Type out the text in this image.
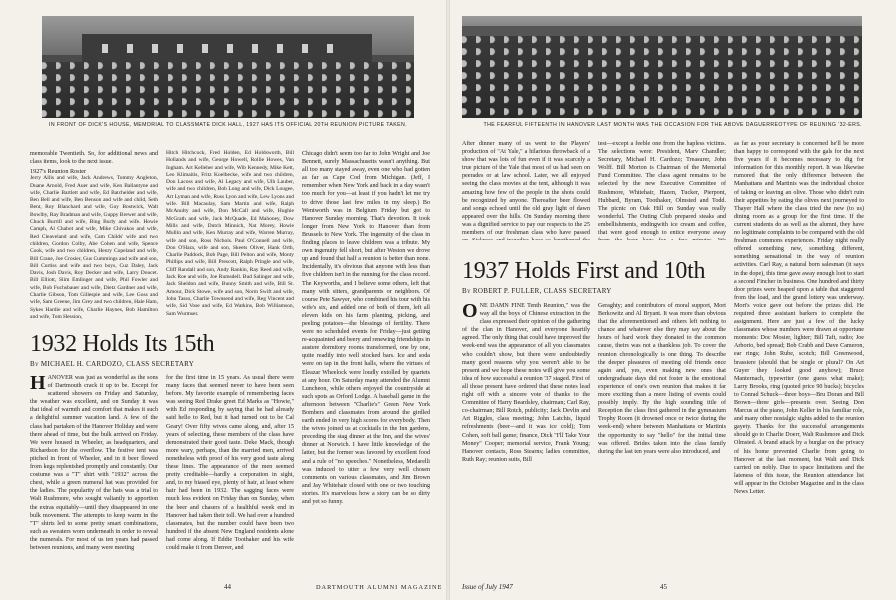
IN FRONT OF DICK'S HOUSE, MEMORIAL TO CLASSMATE DICK HALL, 1927 HAS ITS OFFICIAL 20TH REUNION PICTURE TAKEN.

memorable Twentieth. So, for additional news and class items, look to the next issue.

1927's Reunion Roster

Jerry Allis and wife, Jack Andrews, Tommy Angleton, Duane Arnold, Fred Auer and wife, Ken Ballantyne and wife, Charlie Bartlett and wife, Ed Batchelder and wife, Ben Bell and wife, Ben Benson and wife and child, Seth Bent, Roy Blanchard and wife, Guy Bostwick, Walt Bowlby, Ray Bradman and wife, Guppy Brewer and wife, Chuck Burrill and wife, Bing Burly and wife. Howie Camph, Al Chabot and wife, Mike Chivakos and wife, Red Cleaveland and wife, Cam Childs' wife and two children, Gordon Colby, Abe Cohen and wife, Spence Cook, wife and two children, Henry Copeland and wife, Bill Crane, Joe Crosier, Gus Cummings and wife and son, Bill Curtiss and wife and two boys, Cuz Daley, Jack Davis, Josh Davis, Roy Decker and wife, Larry Doucet. Bill Elliott, Slim Emlinger and wife, Phil Fowler and wife, Bob Fuchsbauer and wife, Dietz Gardner and wife, Charlie Gibson, Tom Gillespie and wife, Lee Goss and wife, Sam Greene, Jim Grey and two children, Hale Ham, Sykes Hardie and wife, Charlie Haynes, Bob Hamilton and wife, Tom Hession,

Hitch Hitchcock, Fred Holden, Ed Holdsworth, Bill Hollands and wife, George Howell, Rollie Howes, Van Ingham. Art Kelleher and wife, Wib Kennedy, Mike Kett, Leo Klimaitis, Fritz Koelbecke, wife and two children, Don Lacoss and wife, Al Legacy and wife, Ulh Lauber, wife and two children, Bob Long and wife, Dick Lougee, Art Lyman and wife, Russ Lyon and wife, Lew Lyons and wife. Bill Macaulay, Sam Martin and wife, Ralph McAnulty and wife, Don McCall and wife, Hughie McGrath and wife, Jack McQuade, Ed Mahoney, Dow Mills and wife, Dutch Minnich, Nat Morey, Howie Mullin and wife, Ken Murray and wife, Warren Murray, wife and son, Ross Nichols. Paul O'Connell and wife, Don O'Hara, wife and son, Skeets Oliver, Hank Orth, Charlie Paddock, Bob Page, Bill Pelton and wife, Monty Phillips and wife, Bill Prescott, Ralph Pringle and wife, Cliff Randall and son, Andy Rankin, Ray Reed and wife, Jack Roe and wife, Joe Rumsdell. Bud Salinger and wife, Jack Sheldon and wife, Bunny Smith and wife, Bill St. Amour, Dick Stowe, wife and son, Norm Swift and wife, John Tasso, Charlie Townsend and wife, Reg Vincent and wife, Sid Vose and wife, Ed Watkins, Bob Williamson, Sam Wurmser.

1932 Holds Its 15th
By MICHAEL H. CARDOZO, CLASS SECRETARY
H ANOVER was just as wonderful as the sons of Dartmouth crack it up to be. Except for scattered showers on Friday and Saturday, the weather was excellent, and on Sunday it was that ideal of warmth and comfort that makes it such a delightful summer vacation land. A few of the class had partaken of the Hanover Holiday and were there ahead of time, but the bulk arrived on Friday. We were housed in Wheeler, as headquarters, and Richardson for the overflow. The festive tent was pitched in front of Wheeler, and in it beer flowed from kegs replenished promptly and constantly. Our costume was a "T" shirt with "1932" across the chest, while a green numeral hat was provided for the ladies. The popularity of the hats was a trial to Walt Rushmore, who sought valiantly to apportion the extras equitably—until they disappeared in one bulk movement. The attempts to keep warm in the "T" shirts led to some pretty smart combinations, such as sweaters worn underneath in order to reveal the numerals. For most of us ten years had passed between reunions, and many were meeting

for the first time in 15 years. As usual there were many faces that seemed never to have been seen before. My favorite example of remembering faces was seeing Red Drake greet Ed Marks as "Howie," with Ed responding by saying that he had already said hello to Red, but it had turned out to be Cal Geary! Over fifty wives came along, and, after 15 years of selecting, these members of the class have demonstrated their good taste. Deke Mack, though more wary, perhaps, than the married men, arrived nonetheless with proof of his very good taste along these lines. The appearance of the men seemed pretty creditable—hardly a corporation in sight, and, to my biased eye, plenty of hair, at least where hair had been in 1932. The sagging faces were much less evident on Friday than on Sunday, when the beer and chasers of a healthful week end in Hanover had taken their toll. We had over a hundred classmates, but the number could have been two hundred if the absent New England residents alone had come along. If Eddie Toothaker and his wife could make it from Denver, and

Chicago didn't seem too far to John Wright and Joe Bennett, surely Massachusetts wasn't anything. But all too many stayed away, even one who had gotten as far as Cape Cod from Michigan. (Jeff, I remember when New York and back in a day wasn't too much for you—at least if you hadn't let me try to drive those last few miles in my sleep.) Bo Wentworth was in Belgium Friday but got to Hanover Sunday morning. That's devotion. It took longer from New York to Hanover than from Brussels to New York. The ingenuity of the class in finding places to leave children was a tribute. My own ingenuity fell short, but after Weston we drove up and found that half a reunion is better than none. Incidentally, it's obvious that anyone with less than five children isn't in the running for the class record. The Keyworths, and I believe some others, left that many with sitters, grandparents or neighbors. Of course Pete Sawyer, who combined his tour with his wife's six, and added one of both of them, left all eleven kids on his farm planting, picking, and peeling potatoes—the blessings of fertility. There were no scheduled events for Friday—just getting re-acquainted and beery and renewing friendships in austere dormitory rooms transformed, one by one, quite readily into well stocked bars. Ice and soda were on tap in the front halls, where the virtues of Eleazar Wheelock were loudly extolled by quartets at any hour. On Saturday many attended the Alumni Luncheon, while others enjoyed the countryside at such spots as Orford Lodge. A baseball game in the afternoon between "Charlie's" Green New York Bombers and classmates from around the girdled earth ended in very high scores for everybody. Then the wives joined us at cocktails in the Inn gardens, preceding the stag dinner at the Inn, and the wives' dinner at Norwich. I have little knowledge of the latter, but the former was favored by excellent food and a rule of "no speeches." Nonetheless, Medarelli was induced to utter a few very well chosen comments on various classmates, and Jim Brown and Jay Whitehair closed with one or two touching stories. It's marvelous how a story can be so dirty and yet so funny.

44	DARTMOUTH ALUMNI MAGAZINE
THE FEARFUL FIFTEENTH IN HANOVER LAST MONTH WAS THE OCCASION FOR THE ABOVE DAGUERREOTYPE OF REUNING '32-ERS.

After dinner many of us went to the Players' production of "At Yale," a hilarious throwback of a show that was lots of fun even if it was scarcely a true picture of the Yale that most of us had seen on peerades or at law school. Later, we all enjoyed seeing the class movies at the tent, although it was amazing how few of the people in the shots could be recognized by anyone. Thereafter beer flowed and songs echoed until the old gray light of dawn appeared over the hills. On Sunday morning there was a dignified service to pay our respects to the 25 members of our freshman class who have passed

test—except a feeble one from the hapless victims. The selections were: President, Marv Chandler; Secretary, Michael H. Cardozo; Treasurer, John Wolff. Bill Morton is Chairman of the Memorial Fund Committee. The class agent remains to be selected by the new Executive Committee of Rushmore, Whitehair, Hazen, Tucker, Pierpont, Hubbard, Byram, Toothaker, Olmsted and Todd. The picnic on Oak Hill on Sunday was really wonderful. The Outing Club prepared steaks and embellishments, endingwith ice cream and coffee, that were good enough to entice everyone away

as far as your secretary is concerned he'll be more than happy to correspond with the gals for the next five years if it becomes necessary to dig for information for this monthly report. It was likewise rumored that the only difference between the Manhattans and Martinis was the individual choice of taking or leaving an olive. Those who didn't ruin their appetites by eating the olives next journeyed to Thayer Hall where the class tried the new (to us) dining room as a group for the first time. If the current students do as well as the alumni, they have no legitimate complaints to be compared with the old freshman commons experiences. Friday night really offered something new, something different, something sensational in the way of reunion activities. Carl Ray, a natural born salesman (it says in the dope), this time gave away enough loot to start a second Fincher in business. One hundred and thirty door prizes were heaped upon a table that staggered from the load, and the grand lottery was underway. Mort's voice gave out before the prizes did. He required three assistant barkers to complete the assignment. Here are just a few of the lucky classmates whose numbers were drawn at opportune moments: Doc Mosier, lighter; Bill Taft, radio; Joe Arborio, bed spread; Bob Crabb and Dave Cameron, ear rings; John Rube, scotch; Bill Greenwood, brassiere (should that be single or plural? On Art Guyer they looked good anyhow); Bruce Manternach, typewriter (one guess what make); Larry Brooks, ring (quoted price 90 bucks); bicycles to Conrad Schuck—three boys—Bru Doran and Bill Brown—three girls—presents over. Seeing Don Marcus at the piano, John Keller in his familiar role, and many other nostalgic sights added to the reunion gayety. Thanks for the successful arrangements should go to Charlie Doerr, Walt Rushmore and Dick Olmsted. A brand attack by a burglar on the privacy of his home prevented Charlie from going to Hanover at the last moment, but Walt and Dick carried on nobly. Due to space limitations and the lateness of this issue, the Reunion attendance list will appear in the October Magazine and in the class News Letter.

1937 Holds First and 10th
By ROBERT P. FULLER, CLASS SECRETARY
O NE DAMN FINE Tenth Reunion," was the way all the boys of Chinese extraction in the class expressed their opinion of the gathering of the clan in Hanover, and everyone heartily agreed. The only thing that could have improved the week-end was the appearance of all you classmates who couldn't show, but there were undoubtedly many good reasons why you weren't able to be present and we hope these notes will give you some idea of how successful a reunion '37 staged. First of all those present have ordered that these notes lead right off with a sincere vote of thanks to the Committee of Harry Beardsley, chairman; Carl Ray, co-chairman; Bill Rotch, publicity; Jack Devlin and Art Riggles, class meeting; John Latchis, liquid refreshments (beer—and it was ice cold); Tom Cohen, soft ball game; finance, Dick "I'll Take Your Money" Cooper; memorial service, Frank Young; Hanover contacts, Ross Stearns; ladies committee, Ruth Ray; reunion suits, Bill

Geraghty; and contributors of moral support, Mort Berkowitz and Al Bryant. It was more than obvious that the aforementioned and others left nothing to chance and whatever else they may say about the hours of hard work they donated to the common cause, theirs was not a thankless job. To cover the reunion chronologically is one thing. To describe the deeper pleasures of meeting old friends once again and, yes, even making new ones that undergraduate days did not foster is the emotional experience of one's own reunion that makes it far more exciting than a mere listing of events could possibly imply. By the high sounding title of Reception the class first gathered in the gymnasium Trophy Room (it drowned once or twice during the week-end) where between Manhattans or Martinis the opportunity to say "hello" for the initial time was offered. Brides taken into the class family during the last ten years were also introduced, and

Issue of July 1947	45
